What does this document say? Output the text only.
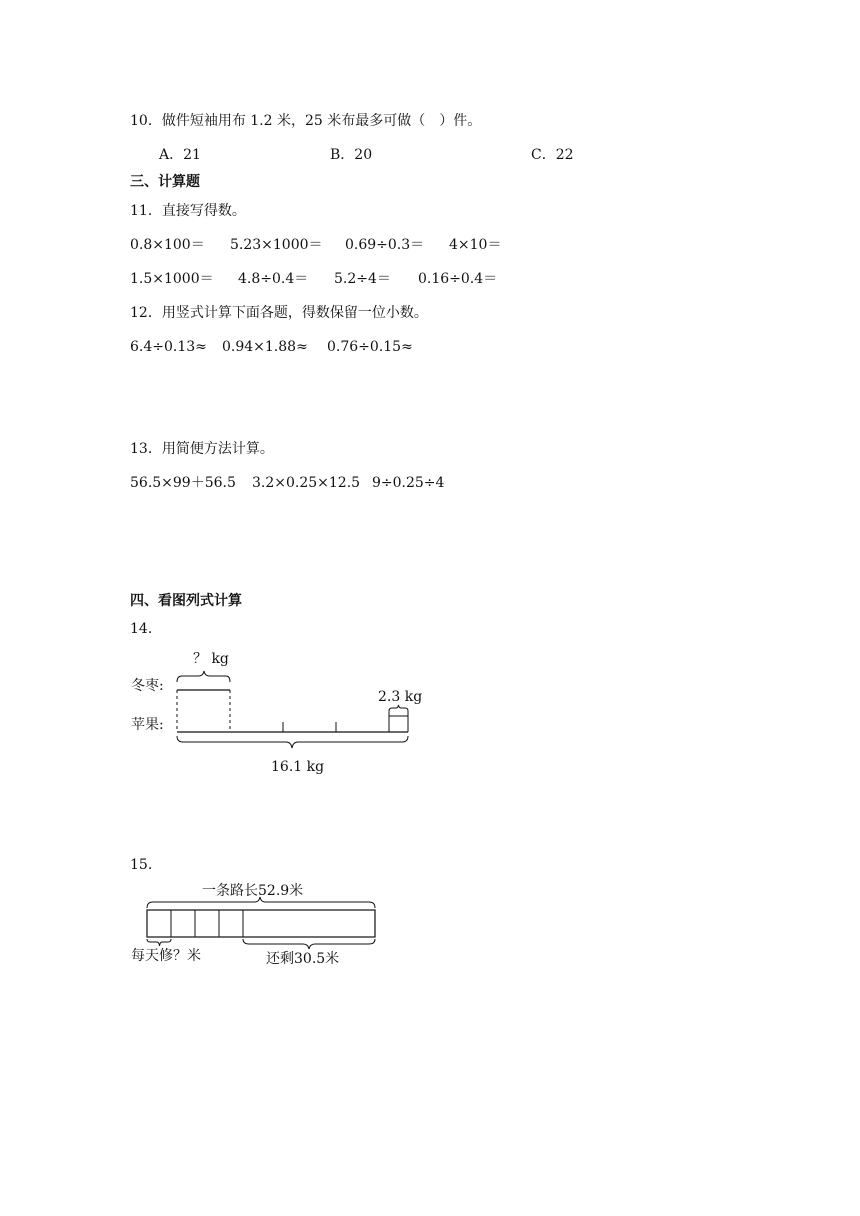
10．做件短袖用布 1.2 米，25 米布最多可做（　）件。
A．21	B．20	C．22
三、计算题
11．直接写得数。
0.8×100＝ 5.23×1000＝ 0.69÷0.3＝ 4×10＝
1.5×1000＝ 4.8÷0.4＝ 5.2÷4＝ 0.16÷0.4＝
12．用竖式计算下面各题，得数保留一位小数。
6.4÷0.13≈ 0.94×1.88≈ 0.76÷0.15≈
13．用简便方法计算。
56.5×99＋56.5 3.2×0.25×12.5 9÷0.25÷4
四、看图列式计算
14.
？ kg
冬枣:
苹果:
2.3 kg
16.1 kg
15.
一条路长52.9米
每天修？米	还剩30.5米
